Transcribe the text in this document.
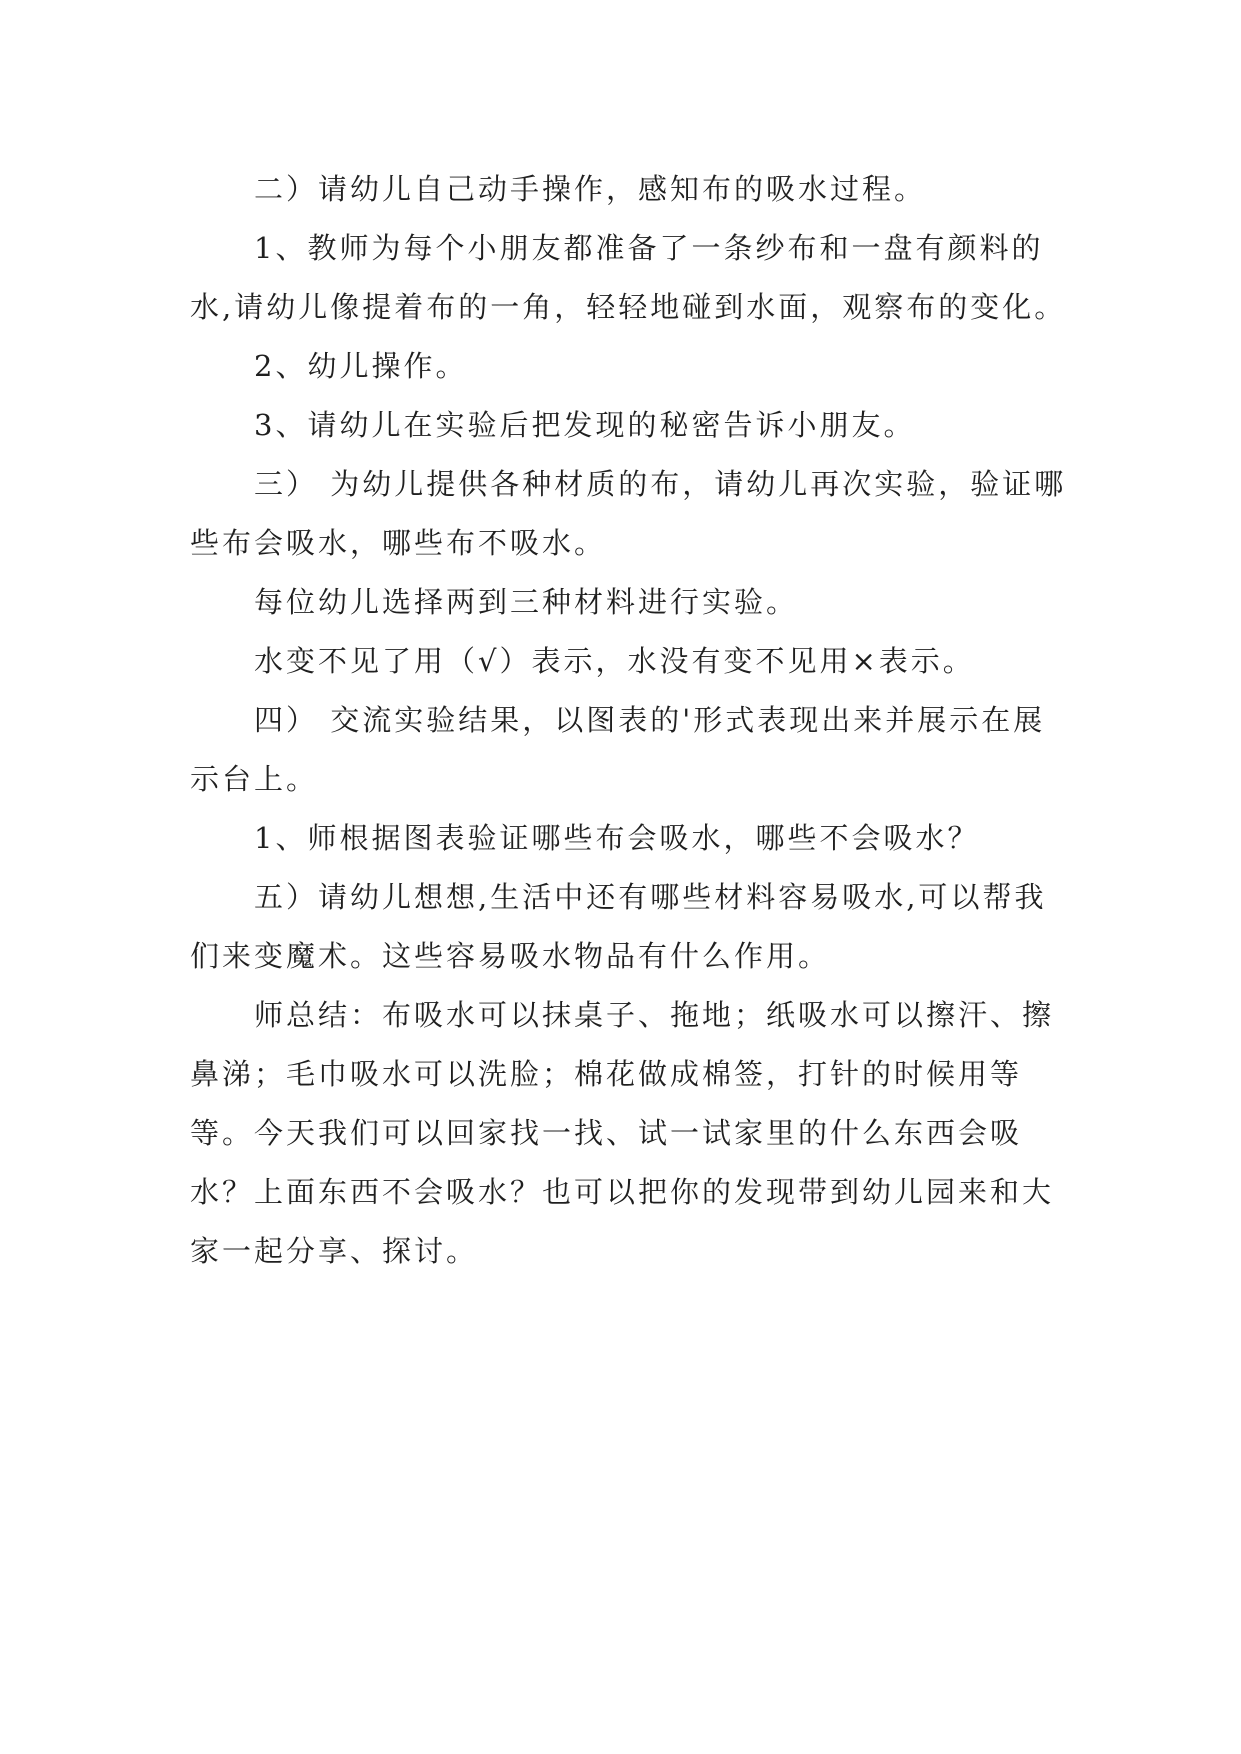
二）请幼儿自己动手操作，感知布的吸水过程。

1、教师为每个小朋友都准备了一条纱布和一盘有颜料的水,请幼儿像提着布的一角，轻轻地碰到水面，观察布的变化。

2、幼儿操作。

3、请幼儿在实验后把发现的秘密告诉小朋友。

三） 为幼儿提供各种材质的布，请幼儿再次实验，验证哪些布会吸水，哪些布不吸水。

每位幼儿选择两到三种材料进行实验。

水变不见了用（√）表示，水没有变不见用×表示。

四） 交流实验结果，以图表的'形式表现出来并展示在展示台上。

1、师根据图表验证哪些布会吸水，哪些不会吸水？

五）请幼儿想想,生活中还有哪些材料容易吸水,可以帮我们来变魔术。这些容易吸水物品有什么作用。

师总结：布吸水可以抹桌子、拖地；纸吸水可以擦汗、擦鼻涕；毛巾吸水可以洗脸；棉花做成棉签，打针的时候用等等。今天我们可以回家找一找、试一试家里的什么东西会吸水？上面东西不会吸水？也可以把你的发现带到幼儿园来和大家一起分享、探讨。
